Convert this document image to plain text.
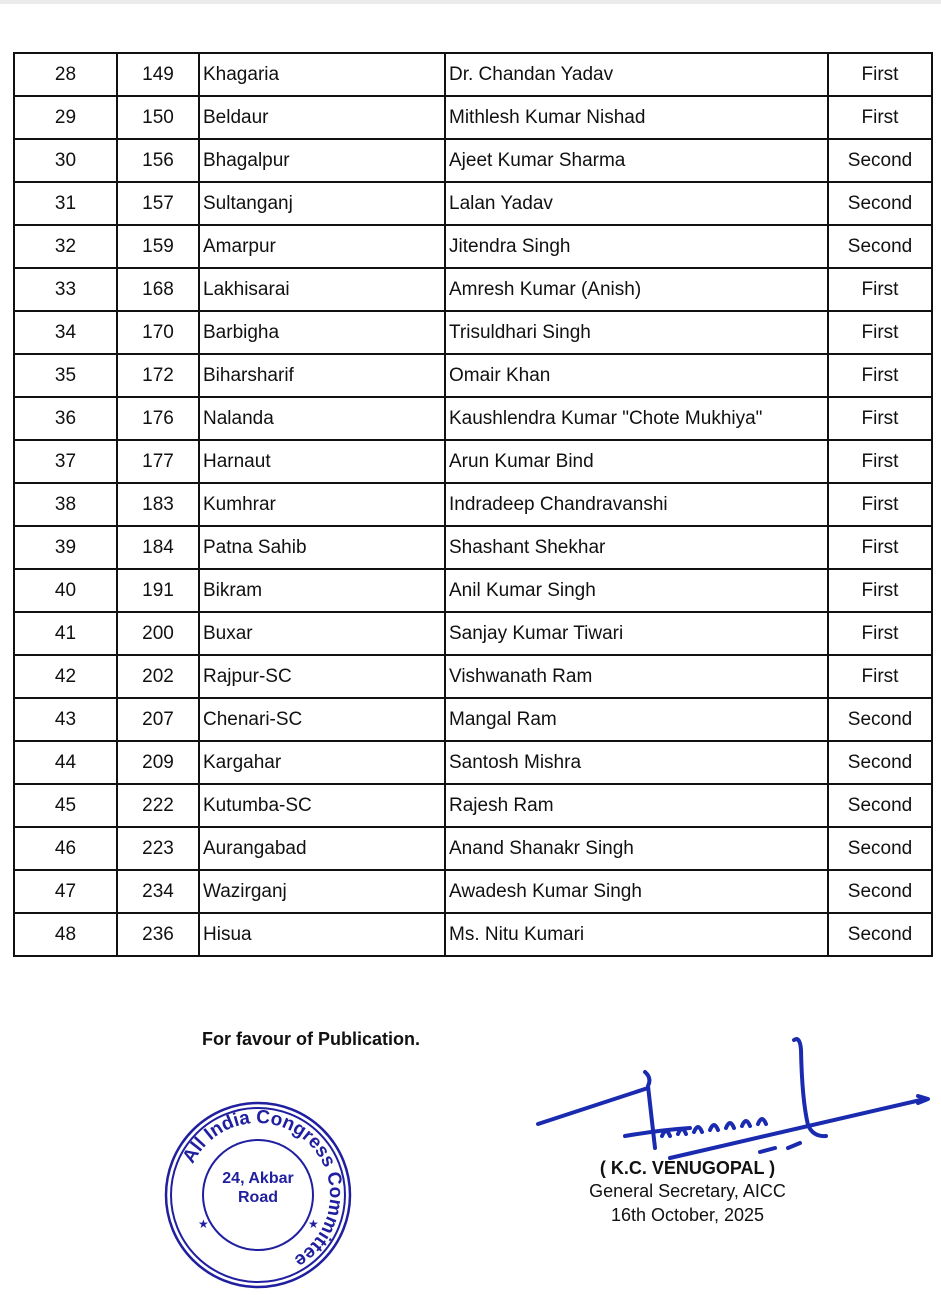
28	149	Khagaria	Dr. Chandan Yadav	First
29	150	Beldaur	Mithlesh Kumar Nishad	First
30	156	Bhagalpur	Ajeet Kumar Sharma	Second
31	157	Sultanganj	Lalan Yadav	Second
32	159	Amarpur	Jitendra Singh	Second
33	168	Lakhisarai	Amresh Kumar (Anish)	First
34	170	Barbigha	Trisuldhari Singh	First
35	172	Biharsharif	Omair Khan	First
36	176	Nalanda	Kaushlendra Kumar "Chote Mukhiya"	First
37	177	Harnaut	Arun Kumar Bind	First
38	183	Kumhrar	Indradeep Chandravanshi	First
39	184	Patna Sahib	Shashant Shekhar	First
40	191	Bikram	Anil Kumar Singh	First
41	200	Buxar	Sanjay Kumar Tiwari	First
42	202	Rajpur-SC	Vishwanath Ram	First
43	207	Chenari-SC	Mangal Ram	Second
44	209	Kargahar	Santosh Mishra	Second
45	222	Kutumba-SC	Rajesh Ram	Second
46	223	Aurangabad	Anand Shanakr Singh	Second
47	234	Wazirganj	Awadesh Kumar Singh	Second
48	236	Hisua	Ms. Nitu Kumari	Second
For favour of Publication.
All India Congress Committee
24, Akbar
Road
★	★
( K.C. VENUGOPAL )
General Secretary, AICC
16th October, 2025
